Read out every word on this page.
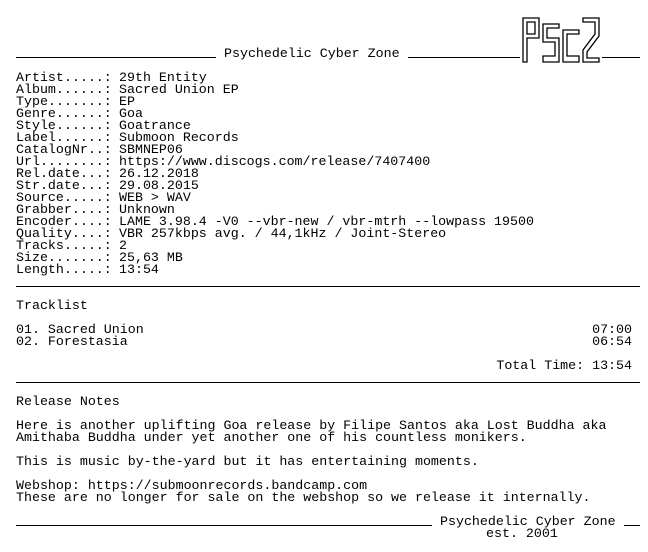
Psychedelic Cyber Zone
Artist.....: 29th Entity
Album......: Sacred Union EP
Type.......: EP
Genre......: Goa
Style......: Goatrance
Label......: Submoon Records
CatalogNr..: SBMNEP06
Url........: https://www.discogs.com/release/7407400
Rel.date...: 26.12.2018
Str.date...: 29.08.2015
Source.....: WEB > WAV
Grabber....: Unknown
Encoder....: LAME 3.98.4 -V0 --vbr-new / vbr-mtrh --lowpass 19500
Quality....: VBR 257kbps avg. / 44,1kHz / Joint-Stereo
Tracks.....: 2
Size.......: 25,63 MB
Length.....: 13:54
Tracklist
01. Sacred Union	07:00
02. Forestasia	06:54
Total Time: 13:54
Release Notes
Here is another uplifting Goa release by Filipe Santos aka Lost Buddha aka
Amithaba Buddha under yet another one of his countless monikers.
This is music by-the-yard but it has entertaining moments.
Webshop: https://submoonrecords.bandcamp.com
These are no longer for sale on the webshop so we release it internally.
Psychedelic Cyber Zone
est. 2001
